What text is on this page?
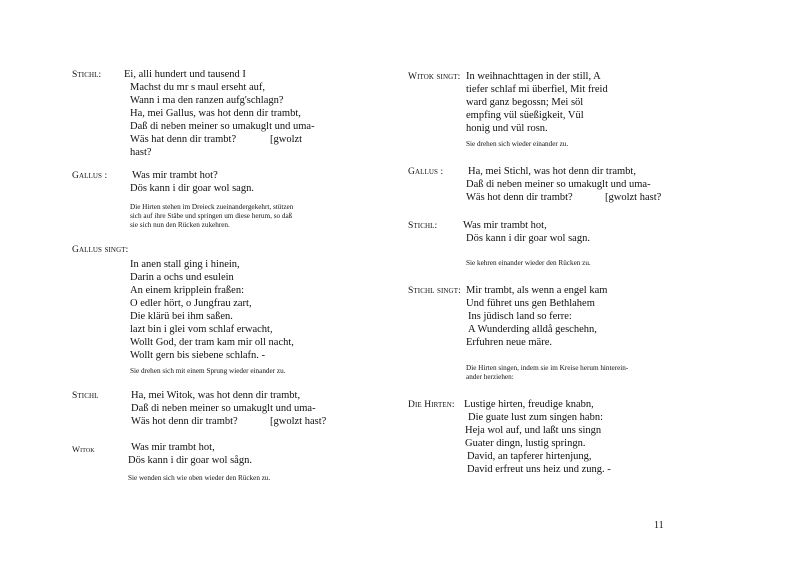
Stichl: Ei, alli hundert und tausend I
Machst du mr s maul erseht auf,
Wann i ma den ranzen aufg'schlagn?
Ha, mei Gallus, was hot denn dir trambt,
Daß di neben meiner so umakuglt und uma-
Wäs hat denn dir trambt?	[gwolzt
hast?
Gallus : Was mir trambt hot?
Dös kann i dir goar wol sagn.
Die Hirten stehen im Dreieck zueinandergekehrt, stützen
sich auf ihre Stäbe und springen um diese herum, so daß
sie sich nun den Rücken zukehren.
Gallus singt:
In anen stall ging i hinein,
Darin a ochs und esulein
An einem kripplein fraßen:
O edler hört, o Jungfrau zart,
Die klärü bei ihm saßen.
lazt bin i glei vom schlaf erwacht,
Wollt God, der tram kam mir oll nacht,
Wollt gern bis siebene schlafn. -
Sie drehen sich mit einem Sprung wieder einander zu.
Stichl	Ha, mei Witok, was hot denn dir trambt,
Daß di neben meiner so umakuglt und uma-
Wäs hot denn dir trambt?	[gwolzt hast?
Witok	Was mir trambt hot,
Dös kann i dir goar wol sågn.
Sie wenden sich wie oben wieder den Rücken zu.
Witok singt: In weihnachttagen in der still, A
tiefer schlaf mi überfiel, Mit freid
ward ganz begossn; Mei söl
empfing vül süeßigkeit, Vül
honig und vül rosn.
Sie drehen sich wieder einander zu.
Gallus : Ha, mei Stichl, was hot denn dir trambt,
Daß di neben meiner so umakuglt und uma-
Wäs hot denn dir trambt?	[gwolzt hast?
Stichl: Was mir trambt hot,
Dös kann i dir goar wol sagn.
Sie kehren einander wieder den Rücken zu.
Stichl singt: Mir trambt, als wenn a engel kam
Und führet uns gen Bethlahem
Ins jüdisch land so ferre:
A Wunderding alldå geschehn,
Erfuhren neue märe.
Die Hirten singen, indem sie im Kreise herum hinterein-
ander herziehen:
Die Hirten: Lustige hirten, freudige knabn,
Die guate lust zum singen habn:
Heja wol auf, und laßt uns singn
Guater dingn, lustig springn.
David, an tapferer hirtenjung,
David erfreut uns heiz und zung. -
11
